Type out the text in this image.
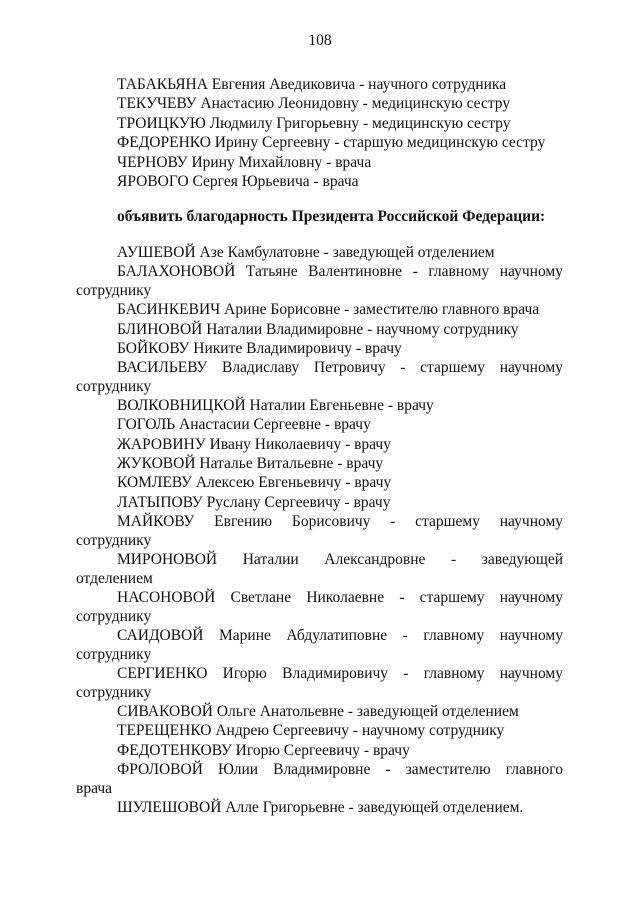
108
ТАБАКЬЯНА Евгения Аведиковича - научного сотрудника
ТЕКУЧЕВУ Анастасию Леонидовну - медицинскую сестру
ТРОИЦКУЮ Людмилу Григорьевну - медицинскую сестру
ФЕДОРЕНКО Ирину Сергеевну - старшую медицинскую сестру
ЧЕРНОВУ Ирину Михайловну - врача
ЯРОВОГО Сергея Юрьевича - врача
объявить благодарность Президента Российской Федерации:
АУШЕВОЙ Азе Камбулатовне - заведующей отделением
БАЛАХОНОВОЙ Татьяне Валентиновне - главному научному
сотруднику
БАСИНКЕВИЧ Арине Борисовне - заместителю главного врача
БЛИНОВОЙ Наталии Владимировне - научному сотруднику
БОЙКОВУ Никите Владимировичу - врачу
ВАСИЛЬЕВУ Владиславу Петровичу - старшему научному
сотруднику
ВОЛКОВНИЦКОЙ Наталии Евгеньевне - врачу
ГОГОЛЬ Анастасии Сергеевне - врачу
ЖАРОВИНУ Ивану Николаевичу - врачу
ЖУКОВОЙ Наталье Витальевне - врачу
КОМЛЕВУ Алексею Евгеньевичу - врачу
ЛАТЫПОВУ Руслану Сергеевичу - врачу
МАЙКОВУ Евгению Борисовичу - старшему научному
сотруднику
МИРОНОВОЙ Наталии Александровне - заведующей
отделением
НАСОНОВОЙ Светлане Николаевне - старшему научному
сотруднику
САИДОВОЙ Марине Абдулатиповне - главному научному
сотруднику
СЕРГИЕНКО Игорю Владимировичу - главному научному
сотруднику
СИВАКОВОЙ Ольге Анатольевне - заведующей отделением
ТЕРЕЩЕНКО Андрею Сергеевичу - научному сотруднику
ФЕДОТЕНКОВУ Игорю Сергеевичу - врачу
ФРОЛОВОЙ Юлии Владимировне - заместителю главного
врача
ШУЛЕШОВОЙ Алле Григорьевне - заведующей отделением.
